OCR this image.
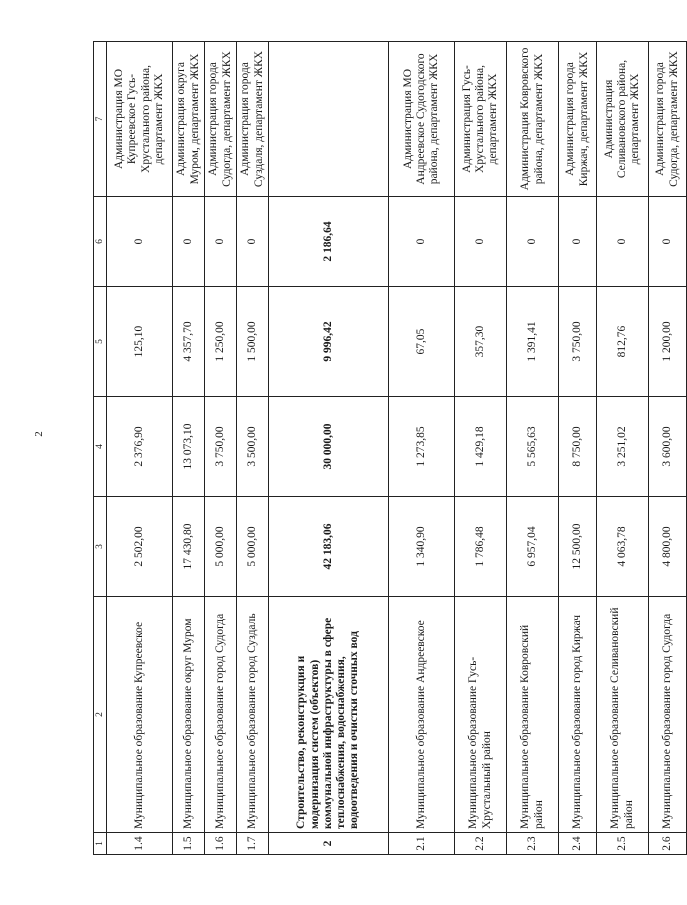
2
1	2	3	4	5	6	7
1.4	Муниципальное образование Купреевское	2 502,00	2 376,90	125,10	0	Администрация МО Купреевское Гусь-Хрустального района, департамент ЖКХ
1.5	Муниципальное образование округ Муром	17 430,80	13 073,10	4 357,70	0	Администрация округа Муром, департамент ЖКХ
1.6	Муниципальное образование город Судогда	5 000,00	3 750,00	1 250,00	0	Администрация города Судогда, департамент ЖКХ
1.7	Муниципальное образование город Суздаль	5 000,00	3 500,00	1 500,00	0	Администрация города Суздаля, департамент ЖКХ
2	Строительство, реконструкция и модернизация систем (объектов) коммунальной инфраструктуры в сфере теплоснабжения, водоснабжения, водоотведения и очистки сточных вод	42 183,06	30 000,00	9 996,42	2 186,64	
2.1	Муниципальное образование Андреевское	1 340,90	1 273,85	67,05	0	Администрация МО Андреевское Судогодского района, департамент ЖКХ
2.2	Муниципальное образование Гусь-Хрустальный район	1 786,48	1 429,18	357,30	0	Администрация Гусь-Хрустального района, департамент ЖКХ
2.3	Муниципальное образование Ковровский район	6 957,04	5 565,63	1 391,41	0	Администрация Ковровского района, департамент ЖКХ
2.4	Муниципальное образование город Киржач	12 500,00	8 750,00	3 750,00	0	Администрация города Киржач, департамент ЖКХ
2.5	Муниципальное образование Селивановский район	4 063,78	3 251,02	812,76	0	Администрация Селивановского района, департамент ЖКХ
2.6	Муниципальное образование город Судогда	4 800,00	3 600,00	1 200,00	0	Администрация города Судогда, департамент ЖКХ
